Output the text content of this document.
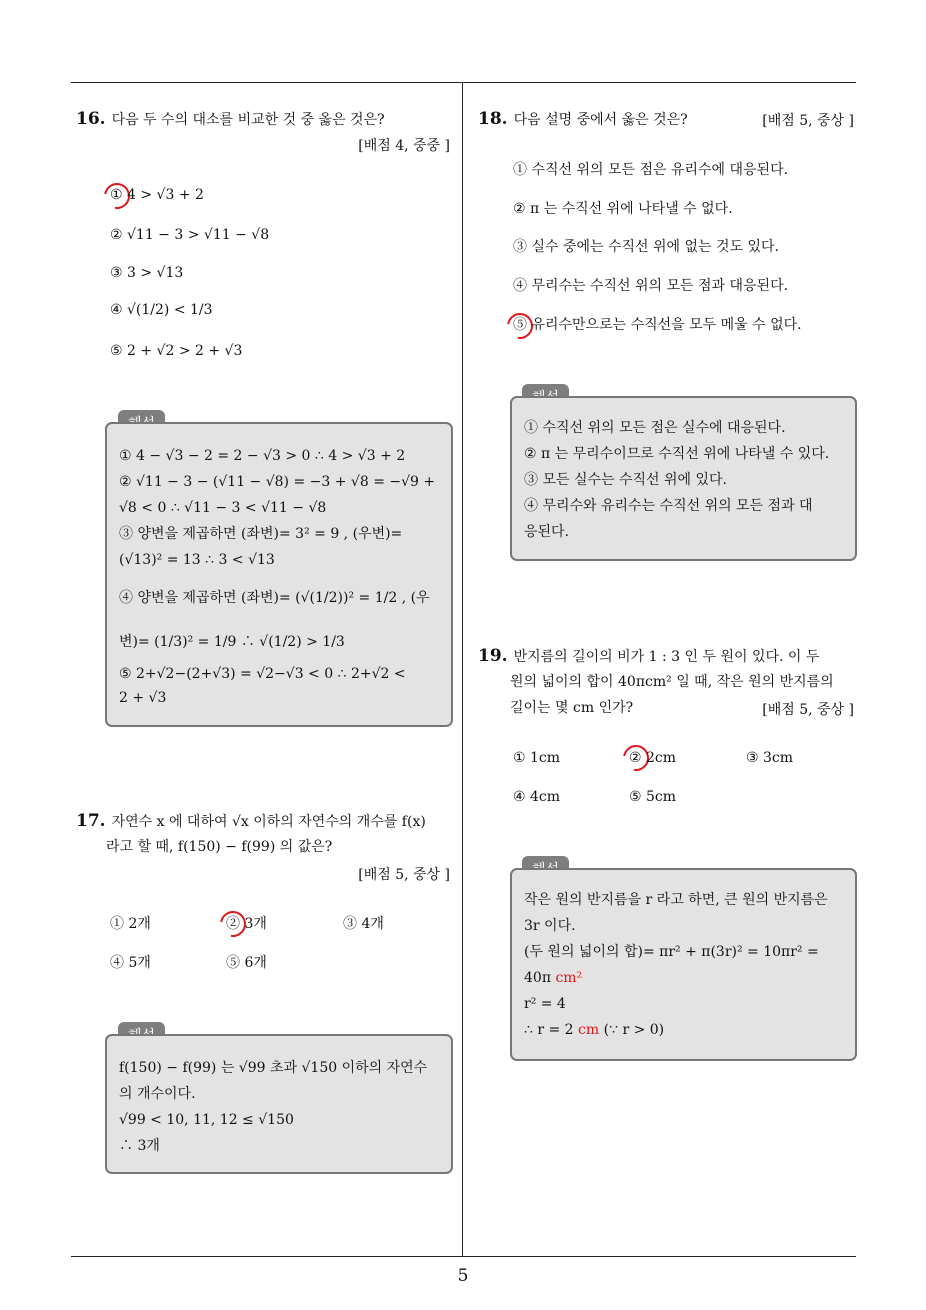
16. 다음 두 수의 대소를 비교한 것 중 옳은 것은?
[배점 4, 중중 ]
① 4 > √3 + 2
② √11 − 3 > √11 − √8
③ 3 > √13
④ √(1/2) < 1/3
⑤ 2 + √2 > 2 + √3
① 4 − √3 − 2 = 2 − √3 > 0 ∴ 4 > √3 + 2
② √11 − 3 − (√11 − √8) = −3 + √8 = −√9 +
√8 < 0 ∴ √11 − 3 < √11 − √8
③ 양변을 제곱하면 (좌변)= 3² = 9 , (우변)=
(√13)² = 13 ∴ 3 < √13
④ 양변을 제곱하면 (좌변)= (√(1/2))² = 1/2 , (우
변)= (1/3)² = 1/9 ∴ √(1/2) > 1/3
⑤ 2+√2−(2+√3) = √2−√3 < 0 ∴ 2+√2 <
2 + √3
17. 자연수 x 에 대하여 √x 이하의 자연수의 개수를 f(x)
라고 할 때, f(150) − f(99) 의 값은?
[배점 5, 중상 ]
① 2개	② 3개	③ 4개
④ 5개	⑤ 6개
f(150) − f(99) 는 √99 초과 √150 이하의 자연수
의 개수이다.
√99 < 10, 11, 12 ≤ √150
∴ 3개
18. 다음 설명 중에서 옳은 것은?	[배점 5, 중상 ]
① 수직선 위의 모든 점은 유리수에 대응된다.
② π 는 수직선 위에 나타낼 수 없다.
③ 실수 중에는 수직선 위에 없는 것도 있다.
④ 무리수는 수직선 위의 모든 점과 대응된다.
⑤ 유리수만으로는 수직선을 모두 메울 수 없다.
① 수직선 위의 모든 점은 실수에 대응된다.
② π 는 무리수이므로 수직선 위에 나타낼 수 있다.
③ 모든 실수는 수직선 위에 있다.
④ 무리수와 유리수는 수직선 위의 모든 점과 대
응된다.
19. 반지름의 길이의 비가 1 : 3 인 두 원이 있다. 이 두
원의 넓이의 합이 40πcm² 일 때, 작은 원의 반지름의
길이는 몇 cm 인가?	[배점 5, 중상 ]
① 1cm	② 2cm	③ 3cm
④ 4cm	⑤ 5cm
작은 원의 반지름을 r 라고 하면, 큰 원의 반지름은
3r 이다.
(두 원의 넓이의 합)= πr² + π(3r)² = 10πr² =
40π cm²
r² = 4
∴ r = 2 cm (∵ r > 0)
5
